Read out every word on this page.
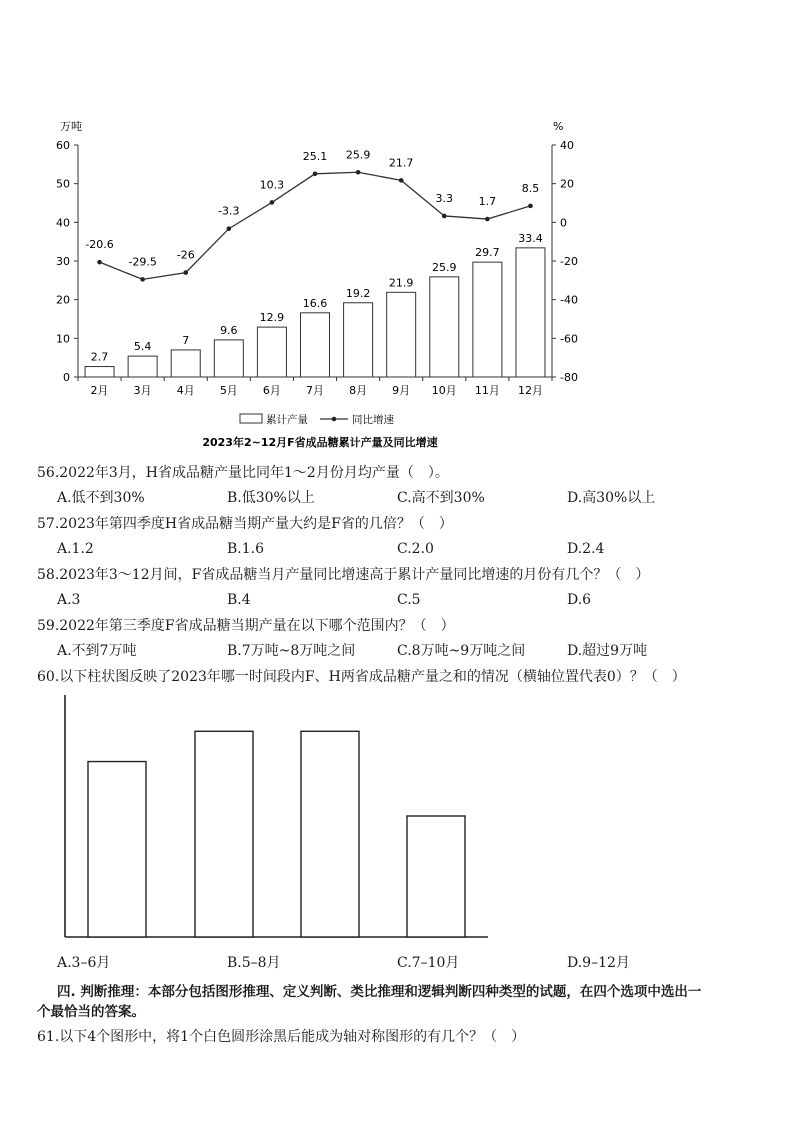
0
10
20
30
40
50
60	40
20
0
-20
-40
-60
-80
万吨	%
2月 3月 4月 5月 6月 7月 8月 9月 10月 11月 12月
2.7
5.4	7
9.6
12.9
16.6
19.2
21.9
25.9
29.7
33.4
-20.6
-29.5
-26
-3.3
10.3
25.1 25.9
21.7
3.3 1.7
8.5
累计产量	同比增速
2023年2~12月F省成品糖累计产量及同比增速
56.2022年3月，H省成品糖产量比同年1～2月份月均产量（　）。
A.低不到30%	B.低30%以上	C.高不到30%	D.高30%以上
57.2023年第四季度H省成品糖当期产量大约是F省的几倍？（　）
A.1.2	B.1.6	C.2.0	D.2.4
58.2023年3～12月间，F省成品糖当月产量同比增速高于累计产量同比增速的月份有几个？（　）
A.3	B.4	C.5	D.6
59.2022年第三季度F省成品糖当期产量在以下哪个范围内？（　）
A.不到7万吨	B.7万吨~8万吨之间	C.8万吨~9万吨之间	D.超过9万吨
60.以下柱状图反映了2023年哪一时间段内F、H两省成品糖产量之和的情况（横轴位置代表0）？（　）
A.3–6月	B.5–8月	C.7–10月	D.9–12月
四. 判断推理：本部分包括图形推理、定义判断、类比推理和逻辑判断四种类型的试题，在四个选项中选出一
个最恰当的答案。
61.以下4个图形中，将1个白色圆形涂黑后能成为轴对称图形的有几个？（　）
